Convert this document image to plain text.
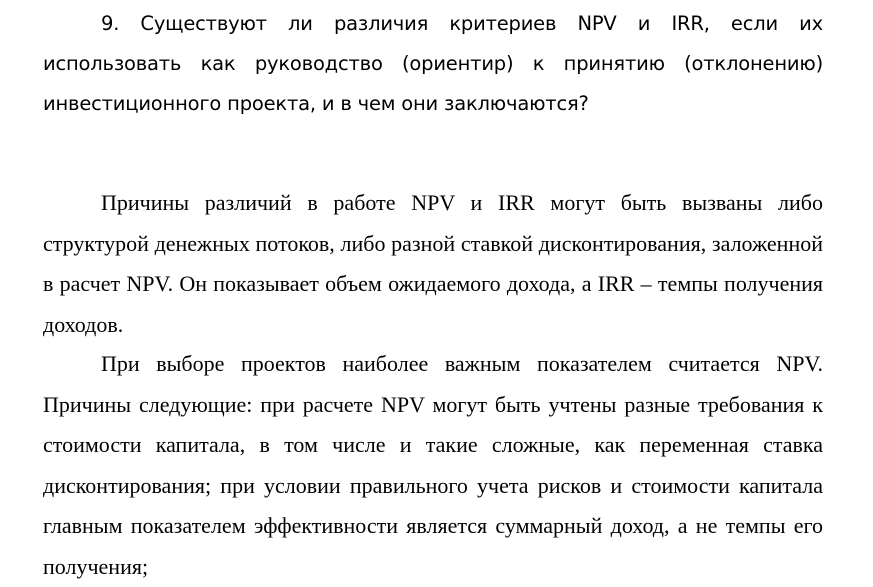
9. Существуют ли различия критериев NPV и IRR, если их использовать как руководство (ориентир) к принятию (отклонению) инвестиционного проекта, и в чем они заключаются?

Причины различий в работе NPV и IRR могут быть вызваны либо структурой денежных потоков, либо разной ставкой дисконтирования, заложенной в расчет NPV. Он показывает объем ожидаемого дохода, а IRR – темпы получения доходов.

При выборе проектов наиболее важным показателем считается NPV. Причины следующие: при расчете NPV могут быть учтены разные требования к стоимости капитала, в том числе и такие сложные, как переменная ставка дисконтирования; при условии правильного учета рисков и стоимости капитала главным показателем эффективности является суммарный доход, а не темпы его получения;
